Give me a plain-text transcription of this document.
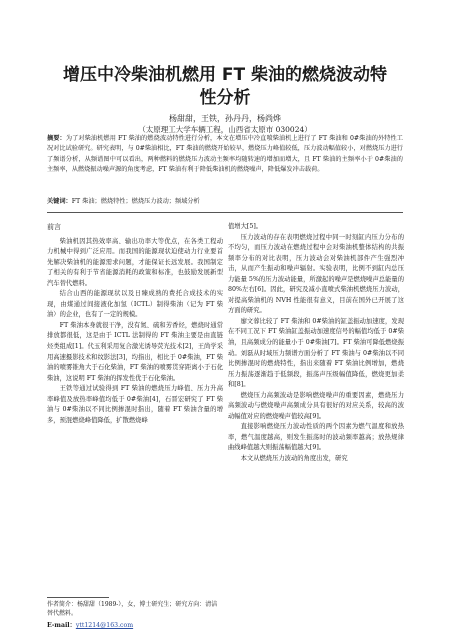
增压中冷柴油机燃用 FT 柴油的燃烧波动特
性分析
杨甜甜，王铁，孙丹丹，杨尚烨
（太原理工大学车辆工程，山西省太原市 030024）
摘要：为了对柴油机燃用 FT 柴油的燃烧波动特性进行分析，本文在增压中冷直喷柴油机上进行了 FT 柴油和 0#柴油的外特性工况对比试验研究。研究表明，与 0#柴油相比，FT 柴油的燃烧开始较早，燃烧压力峰值较低，压力波动幅值较小，对燃烧压力进行了频谱分析，从频谱图中可以看出，两种燃料的燃烧压力波动主频率均随转速的增加而增大，且 FT 柴油的主频率小于 0#柴油的主频率，从燃烧振动噪声源的角度考虑，FT 柴油有利于降低柴油机的燃烧噪声，降低爆发冲击载荷。
关键词：FT 柴油；燃烧特性；燃烧压力波动；频域分析

前言

柴油机因其热效率高、输出功率大等优点，在各类工程动力机械中得到广泛应用。而我国的能源现状迫使动力行业要首先解决柴油机的能源需求问题，才能保证长远发展。我国制定了相关的有利于节省能源消耗的政策和标准，也鼓励发展新型汽车替代燃料。

结合山西的能源现状以及日臻成熟的费托合成技术的实现，由煤通过间接液化加氢（ICTL）制得柴油（记为 FT 柴油）的企业，也有了一定的规模。

FT 柴油本身就很干净，没有氮、硫和芳香烃，燃烧时通常排放都很低，这是由于 ICTL 法制得的 FT 柴油主要是由直链烃类组成[1]。代玉利采用复合激光诱导荧光技术[2]，王尚学采用高速摄影技术和纹影法[3]，均指出，相比于 0#柴油，FT 柴油的喷雾锥角大于石化柴油，FT 柴油的喷雾贯穿距离小于石化柴油，这说明 FT 柴油的挥发性优于石化柴油。

王铁等通过试验得到 FT 柴油的燃烧压力峰值、压力升高率峰值及放热率峰值均低于 0#柴油[4]，石晋宏研究了 FT 柴油与 0#柴油以不同比例掺混时指出，随着 FT 柴油含量的增多，预混燃烧峰值降低，扩散燃烧峰

值增大[5]。

压力波动的存在表明燃烧过程中同一时刻缸内压力分布的不均匀，而压力波动在燃烧过程中会对柴油机整体结构的共振频率分布的对比表明，压力波动会对柴油机部件产生强烈冲击，从而产生振动和噪声辐射。实验表明，比例不到缸内总压力能量 5%的压力波动能量，所激起的噪声是燃烧噪声总能量的 80%左右[6]。因此，研究及减小直喷式柴油机燃烧压力波动，对提高柴油机的 NVH 性能很有意义，目前在国外已开展了这方面的研究。

廖文蓉比较了 FT 柴油和 0#柴油的缸盖振动加速度，发现在不同工况下 FT 柴油缸盖振动加速度信号的幅值均低于 0#柴油，且高频成分的能量小于 0#柴油[7]。FT 柴油可降低燃烧振动。刘磊从时域压力频谱方面分析了 FT 柴油与 0#柴油以不同比例掺混时的燃烧特性，指出来随着 FT 柴油比例增加，燃烧压力振荡逐渐趋于低频段，振荡声压级幅值降低，燃烧更加柔和[8]。

燃烧压力高频波动是影响燃烧噪声的重要因素，燃烧压力高频波动与燃烧噪声高频成分具有很好的对应关系，较高的波动幅值对应的燃烧噪声值较高[9]。

直接影响燃烧压力波动性质的两个因素为燃气温度和放热率，燃气温度越高，则发生振荡时的波动频率越高；放热规律曲线峰值越大则振荡幅值越大[9]。

本文从燃烧压力波动的角度出发，研究

作者简介：杨甜甜（1989-），女，博士研究生；研究方向：清洁替代燃料。
E-mail：ytt1214@163.com
